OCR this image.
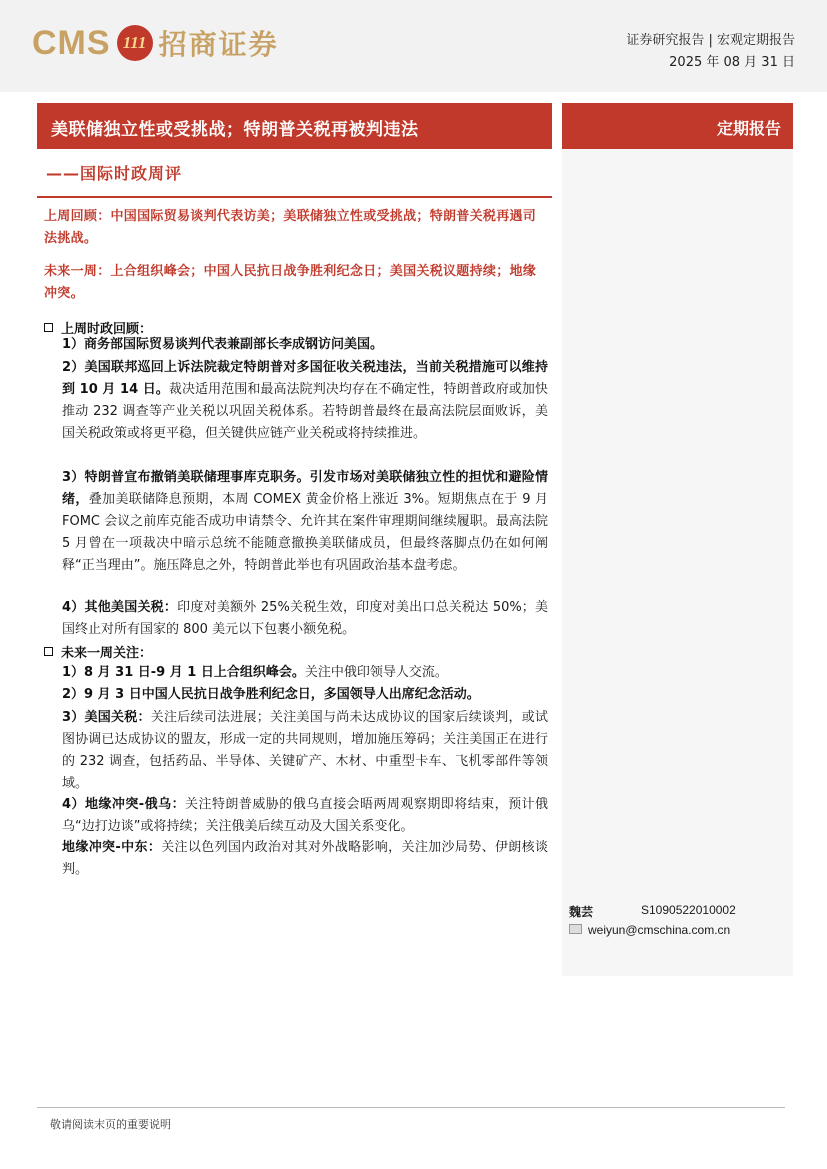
CMS 111 招商证券	证券研究报告 | 宏观定期报告
2025 年 08 月 31 日
美联储独立性或受挑战；特朗普关税再被判违法
——国际时政周评
上周回顾：中国国际贸易谈判代表访美；美联储独立性或受挑战；特朗普关税再遇司法挑战。
未来一周：上合组织峰会；中国人民抗日战争胜利纪念日；美国关税议题持续；地缘冲突。
定期报告
上周时政回顾：
1）商务部国际贸易谈判代表兼副部长李成钢访问美国。
2）美国联邦巡回上诉法院裁定特朗普对多国征收关税违法，当前关税措施可以维持到 10 月 14 日。裁决适用范围和最高法院判决均存在不确定性，特朗普政府或加快推动 232 调查等产业关税以巩固关税体系。若特朗普最终在最高法院层面败诉，美国关税政策或将更平稳，但关键供应链产业关税或将持续推进。
3）特朗普宣布撤销美联储理事库克职务。引发市场对美联储独立性的担忧和避险情绪，叠加美联储降息预期，本周 COMEX 黄金价格上涨近 3%。短期焦点在于 9 月 FOMC 会议之前库克能否成功申请禁令、允许其在案件审理期间继续履职。最高法院 5 月曾在一项裁决中暗示总统不能随意撤换美联储成员，但最终落脚点仍在如何阐释“正当理由”。施压降息之外，特朗普此举也有巩固政治基本盘考虑。
4）其他美国关税：印度对美额外 25%关税生效，印度对美出口总关税达 50%；美国终止对所有国家的 800 美元以下包裹小额免税。
未来一周关注：
1）8 月 31 日-9 月 1 日上合组织峰会。关注中俄印领导人交流。
2）9 月 3 日中国人民抗日战争胜利纪念日，多国领导人出席纪念活动。
3）美国关税：关注后续司法进展；关注美国与尚未达成协议的国家后续谈判，或试图协调已达成协议的盟友，形成一定的共同规则，增加施压筹码；关注美国正在进行的 232 调查，包括药品、半导体、关键矿产、木材、中重型卡车、飞机零部件等领域。
4）地缘冲突-俄乌：关注特朗普威胁的俄乌直接会晤两周观察期即将结束，预计俄乌“边打边谈”或将持续；关注俄美后续互动及大国关系变化。
地缘冲突-中东：关注以色列国内政治对其对外战略影响，关注加沙局势、伊朗核谈判。
魏芸	S1090522010002
weiyun@cmschina.com.cn
敬请阅读末页的重要说明
